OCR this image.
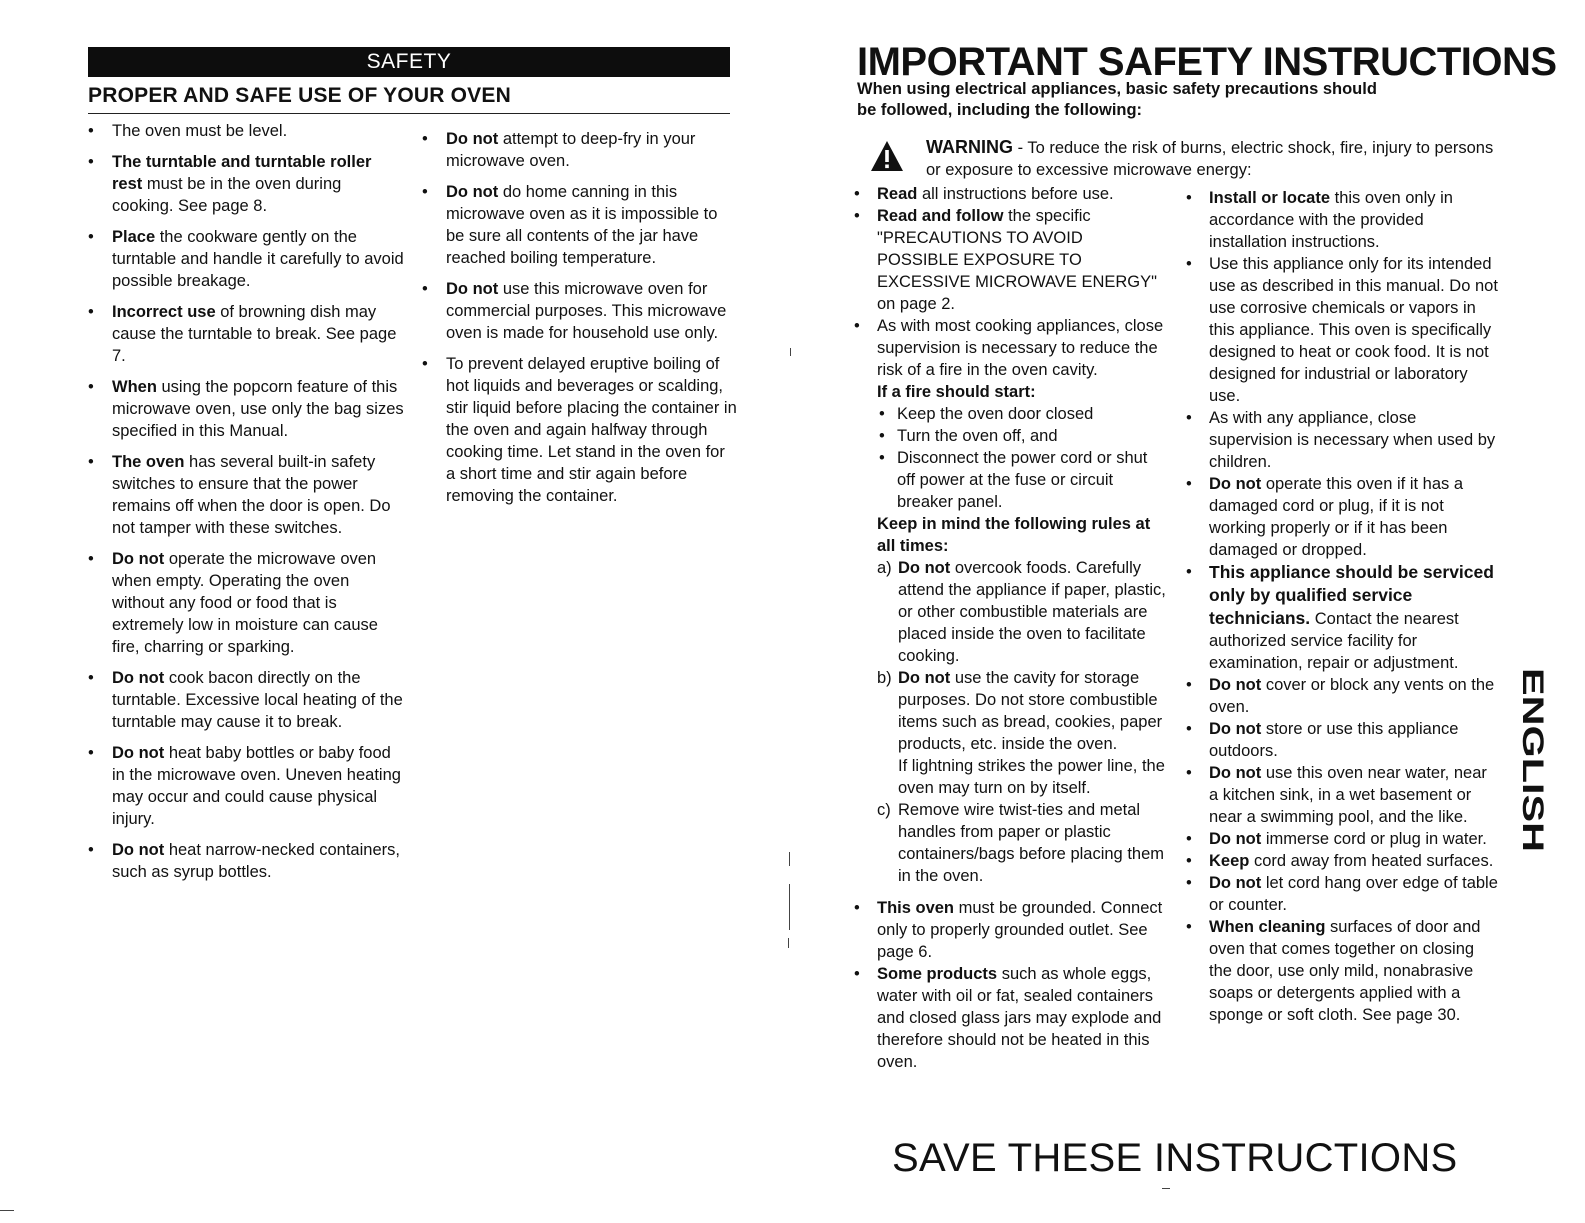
SAFETY
PROPER AND SAFE USE OF YOUR OVEN
• The oven must be level.
• The turntable and turntable roller rest must be in the oven during cooking. See page 8.
• Place the cookware gently on the turntable and handle it carefully to avoid possible breakage.
• Incorrect use of browning dish may cause the turntable to break. See page 7.
• When using the popcorn feature of this microwave oven, use only the bag sizes specified in this Manual.
• The oven has several built-in safety switches to ensure that the power remains off when the door is open. Do not tamper with these switches.
• Do not operate the microwave oven when empty. Operating the oven without any food or food that is extremely low in moisture can cause fire, charring or sparking.
• Do not cook bacon directly on the turntable. Excessive local heating of the turntable may cause it to break.
• Do not heat baby bottles or baby food in the microwave oven. Uneven heating may occur and could cause physical injury.
• Do not heat narrow-necked containers, such as syrup bottles.
• Do not attempt to deep-fry in your microwave oven.
• Do not do home canning in this microwave oven as it is impossible to be sure all contents of the jar have reached boiling temperature.
• Do not use this microwave oven for commercial purposes. This microwave oven is made for household use only.
• To prevent delayed eruptive boiling of hot liquids and beverages or scalding, stir liquid before placing the container in the oven and again halfway through cooking time. Let stand in the oven for a short time and stir again before removing the container.
IMPORTANT SAFETY INSTRUCTIONS
When using electrical appliances, basic safety precautions should be followed, including the following:
WARNING - To reduce the risk of burns, electric shock, fire, injury to persons or exposure to excessive microwave energy:
• Read all instructions before use.
• Read and follow the specific "PRECAUTIONS TO AVOID POSSIBLE EXPOSURE TO EXCESSIVE MICROWAVE ENERGY" on page 2.
• As with most cooking appliances, close supervision is necessary to reduce the risk of a fire in the oven cavity.
If a fire should start:
• Keep the oven door closed
• Turn the oven off, and
• Disconnect the power cord or shut off power at the fuse or circuit breaker panel.
Keep in mind the following rules at all times:
a) Do not overcook foods. Carefully attend the appliance if paper, plastic, or other combustible materials are placed inside the oven to facilitate cooking.
b) Do not use the cavity for storage purposes. Do not store combustible items such as bread, cookies, paper products, etc. inside the oven.
If lightning strikes the power line, the oven may turn on by itself.
c) Remove wire twist-ties and metal handles from paper or plastic containers/bags before placing them in the oven.
• This oven must be grounded. Connect only to properly grounded outlet. See page 6.
• Some products such as whole eggs, water with oil or fat, sealed containers and closed glass jars may explode and therefore should not be heated in this oven.
• Install or locate this oven only in accordance with the provided installation instructions.
• Use this appliance only for its intended use as described in this manual. Do not use corrosive chemicals or vapors in this appliance. This oven is specifically designed to heat or cook food. It is not designed for industrial or laboratory use.
• As with any appliance, close supervision is necessary when used by children.
• Do not operate this oven if it has a damaged cord or plug, if it is not working properly or if it has been damaged or dropped.
• This appliance should be serviced only by qualified service technicians. Contact the nearest authorized service facility for examination, repair or adjustment.
• Do not cover or block any vents on the oven.
• Do not store or use this appliance outdoors.
• Do not use this oven near water, near a kitchen sink, in a wet basement or near a swimming pool, and the like.
• Do not immerse cord or plug in water.
• Keep cord away from heated surfaces.
• Do not let cord hang over edge of table or counter.
• When cleaning surfaces of door and oven that comes together on closing the door, use only mild, nonabrasive soaps or detergents applied with a sponge or soft cloth. See page 30.
SAVE THESE INSTRUCTIONS
ENGLISH
